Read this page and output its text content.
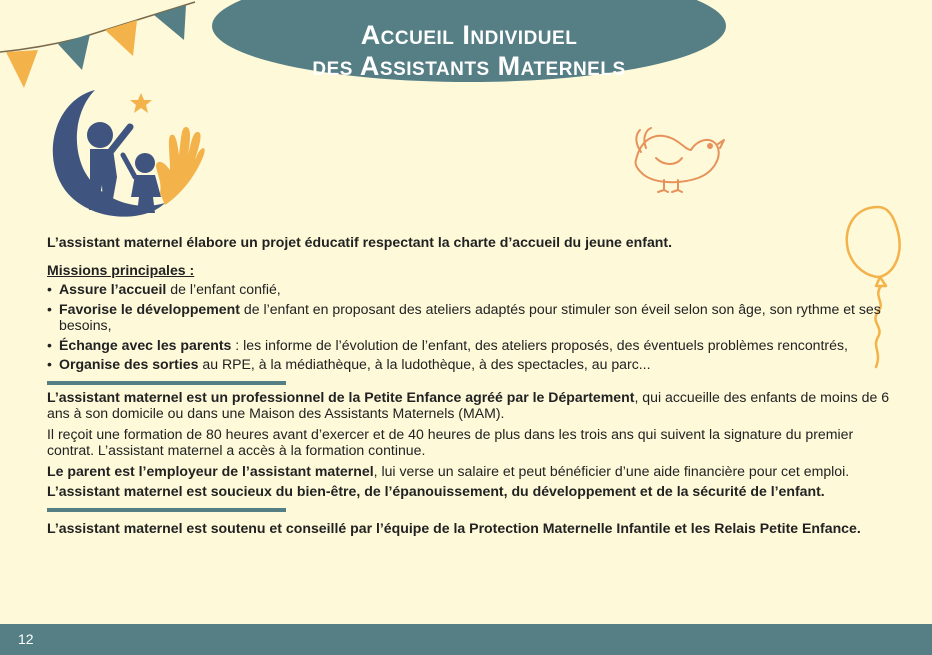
Accueil Individuel
des Assistants Maternels

L’assistant maternel élabore un projet éducatif respectant la charte d’accueil du jeune enfant.

Missions principales :

• Assure l’accueil de l’enfant confié,
• Favorise le développement de l’enfant en proposant des ateliers adaptés pour stimuler son éveil selon son âge, son rythme et ses besoins,
• Échange avec les parents : les informe de l’évolution de l’enfant, des ateliers proposés, des éventuels problèmes rencontrés,
• Organise des sorties au RPE, à la médiathèque, à la ludothèque, à des spectacles, au parc...

L’assistant maternel est un professionnel de la Petite Enfance agréé par le Département, qui accueille des enfants de moins de 6 ans à son domicile ou dans une Maison des Assistants Maternels (MAM).

Il reçoit une formation de 80 heures avant d’exercer et de 40 heures de plus dans les trois ans qui suivent la signature du premier contrat. L’assistant maternel a accès à la formation continue.

Le parent est l’employeur de l’assistant maternel, lui verse un salaire et peut bénéficier d’une aide financière pour cet emploi.

L’assistant maternel est soucieux du bien-être, de l’épanouissement, du développement et de la sécurité de l’enfant.

L’assistant maternel est soutenu et conseillé par l’équipe de la Protection Maternelle Infantile et les Relais Petite Enfance.

12
